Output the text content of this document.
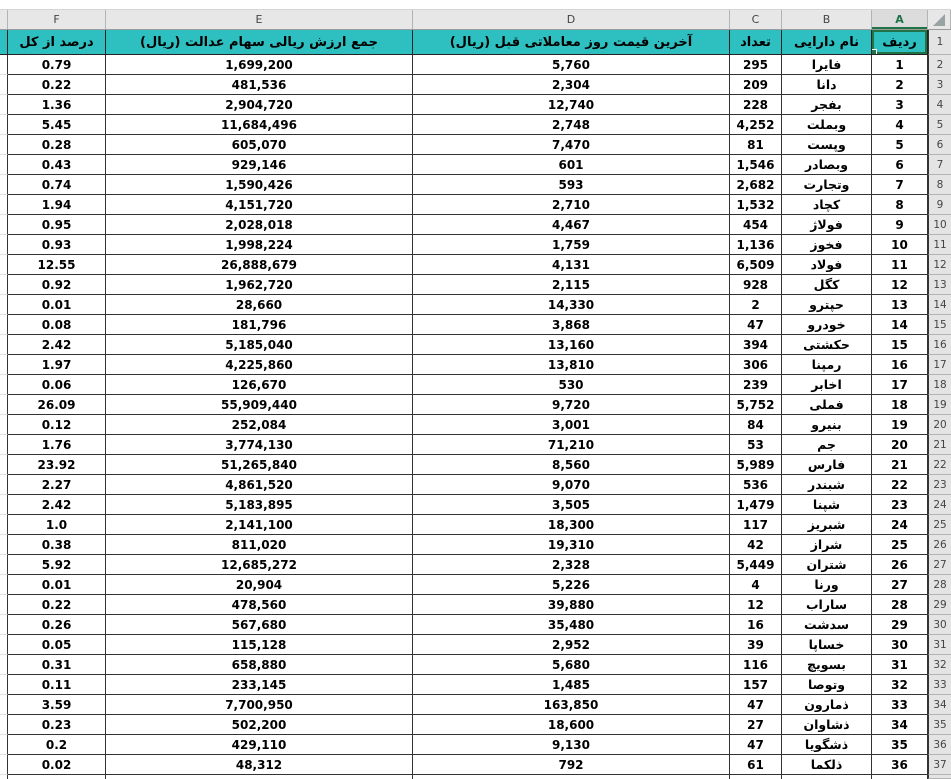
F	E	D	C	B	A
درصد از کل	جمع ارزش ریالی سهام عدالت (ریال)	آخرین قیمت روز معاملاتی قبل (ریال)	تعداد	نام دارایی	ردیف	1
0.79	1,699,200	5,760	295	فایرا	1	2
0.22	481,536	2,304	209	دانا	2	3
1.36	2,904,720	12,740	228	بفجر	3	4
5.45	11,684,496	2,748	4,252	وبملت	4	5
0.28	605,070	7,470	81	وپست	5	6
0.43	929,146	601	1,546	وبصادر	6	7
0.74	1,590,426	593	2,682	وتجارت	7	8
1.94	4,151,720	2,710	1,532	کچاد	8	9
0.95	2,028,018	4,467	454	فولاژ	9	10
0.93	1,998,224	1,759	1,136	فخوز	10	11
12.55	26,888,679	4,131	6,509	فولاد	11	12
0.92	1,962,720	2,115	928	کگل	12	13
0.01	28,660	14,330	2	حپترو	13	14
0.08	181,796	3,868	47	خودرو	14	15
2.42	5,185,040	13,160	394	حکشتی	15	16
1.97	4,225,860	13,810	306	رمپنا	16	17
0.06	126,670	530	239	اخابر	17	18
26.09	55,909,440	9,720	5,752	فملی	18	19
0.12	252,084	3,001	84	بنیرو	19	20
1.76	3,774,130	71,210	53	جم	20	21
23.92	51,265,840	8,560	5,989	فارس	21	22
2.27	4,861,520	9,070	536	شبندر	22	23
2.42	5,183,895	3,505	1,479	شپنا	23	24
1.0	2,141,100	18,300	117	شبریز	24	25
0.38	811,020	19,310	42	شراز	25	26
5.92	12,685,272	2,328	5,449	شتران	26	27
0.01	20,904	5,226	4	ورنا	27	28
0.22	478,560	39,880	12	ساراب	28	29
0.26	567,680	35,480	16	سدشت	29	30
0.05	115,128	2,952	39	خساپا	30	31
0.31	658,880	5,680	116	بسویچ	31	32
0.11	233,145	1,485	157	وتوصا	32	33
3.59	7,700,950	163,850	47	ذمارون	33	34
0.23	502,200	18,600	27	ذشاوان	34	35
0.2	429,110	9,130	47	ذشگویا	35	36
0.02	48,312	792	61	ذلکما	36	37
